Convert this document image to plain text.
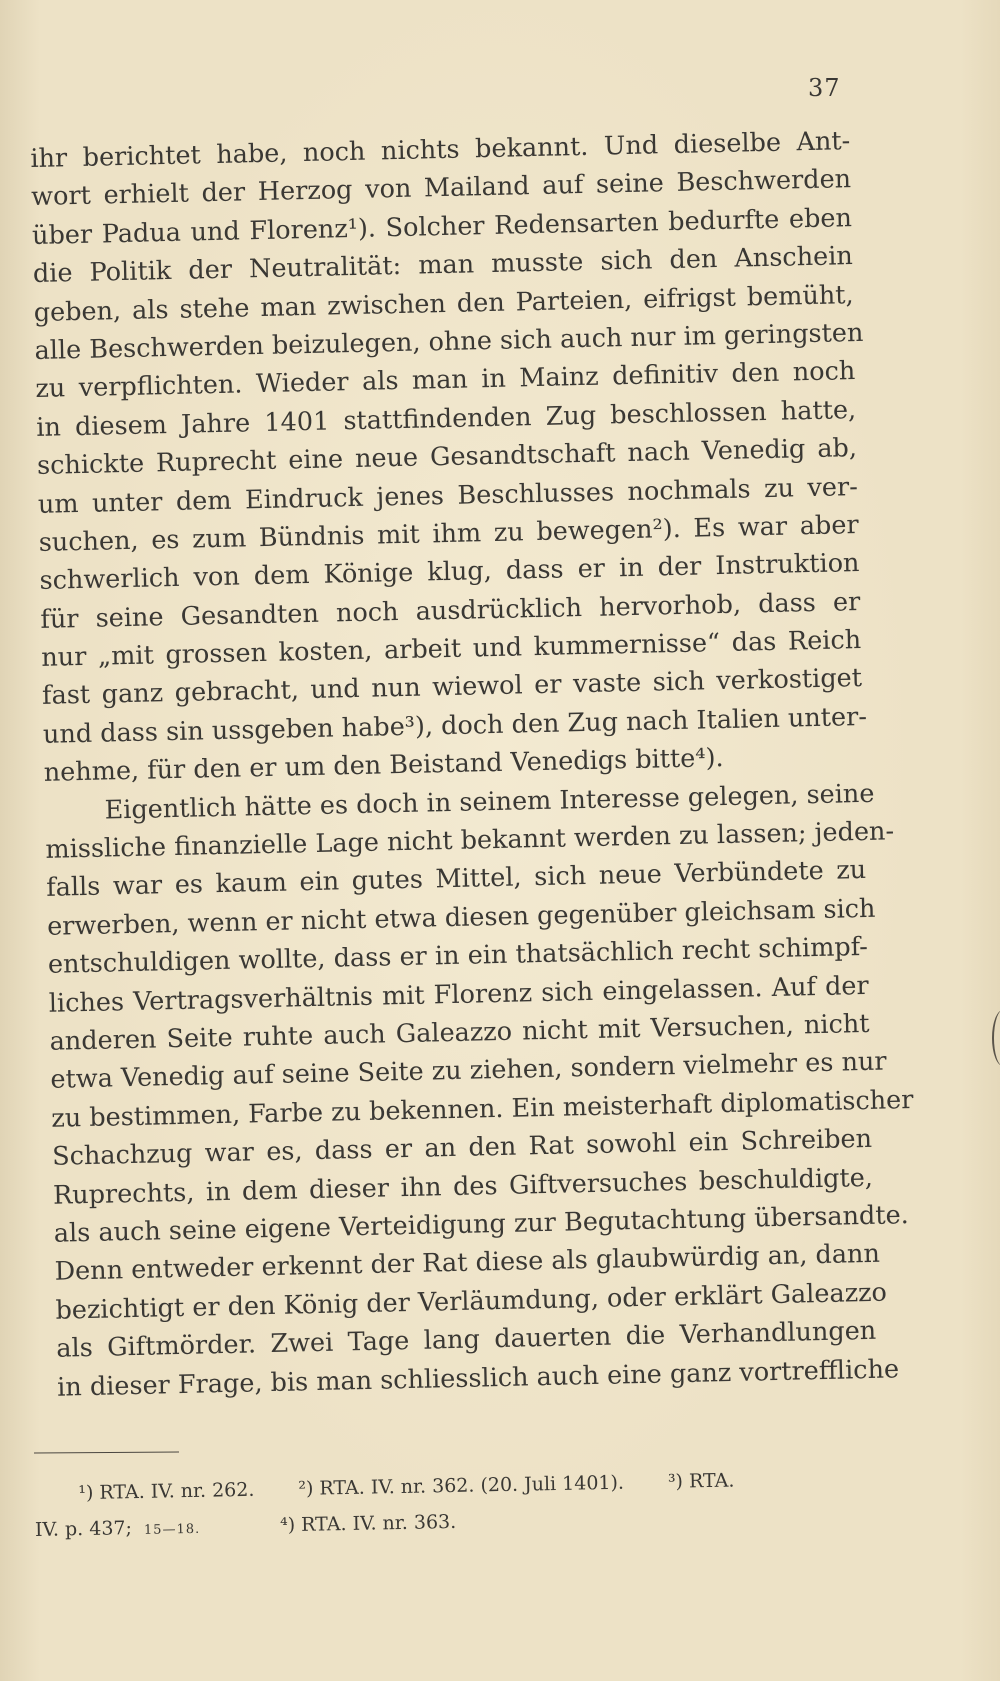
37
ihr berichtet habe, noch nichts bekannt. Und dieselbe Ant-
wort erhielt der Herzog von Mailand auf seine Beschwerden
über Padua und Florenz¹). Solcher Redensarten bedurfte eben
die Politik der Neutralität: man musste sich den Anschein
geben, als stehe man zwischen den Parteien, eifrigst bemüht,
alle Beschwerden beizulegen, ohne sich auch nur im geringsten
zu verpflichten. Wieder als man in Mainz definitiv den noch
in diesem Jahre 1401 stattfindenden Zug beschlossen hatte,
schickte Ruprecht eine neue Gesandtschaft nach Venedig ab,
um unter dem Eindruck jenes Beschlusses nochmals zu ver-
suchen, es zum Bündnis mit ihm zu bewegen²). Es war aber
schwerlich von dem Könige klug, dass er in der Instruktion
für seine Gesandten noch ausdrücklich hervorhob, dass er
nur „mit grossen kosten, arbeit und kummernisse“ das Reich
fast ganz gebracht, und nun wiewol er vaste sich verkostiget
und dass sin ussgeben habe³), doch den Zug nach Italien unter-
nehme, für den er um den Beistand Venedigs bitte⁴).
Eigentlich hätte es doch in seinem Interesse gelegen, seine
missliche finanzielle Lage nicht bekannt werden zu lassen; jeden-
falls war es kaum ein gutes Mittel, sich neue Verbündete zu
erwerben, wenn er nicht etwa diesen gegenüber gleichsam sich
entschuldigen wollte, dass er in ein thatsächlich recht schimpf-
liches Vertragsverhältnis mit Florenz sich eingelassen. Auf der
anderen Seite ruhte auch Galeazzo nicht mit Versuchen, nicht
etwa Venedig auf seine Seite zu ziehen, sondern vielmehr es nur
zu bestimmen, Farbe zu bekennen. Ein meisterhaft diplomatischer
Schachzug war es, dass er an den Rat sowohl ein Schreiben
Ruprechts, in dem dieser ihn des Giftversuches beschuldigte,
als auch seine eigene Verteidigung zur Begutachtung übersandte.
Denn entweder erkennt der Rat diese als glaubwürdig an, dann
bezichtigt er den König der Verläumdung, oder erklärt Galeazzo
als Giftmörder. Zwei Tage lang dauerten die Verhandlungen
in dieser Frage, bis man schliesslich auch eine ganz vortreffliche
¹) RTA. IV. nr. 262. ²) RTA. IV. nr. 362. (20. Juli 1401). ³) RTA.
IV. p. 437; 15—18.	⁴) RTA. IV. nr. 363.
